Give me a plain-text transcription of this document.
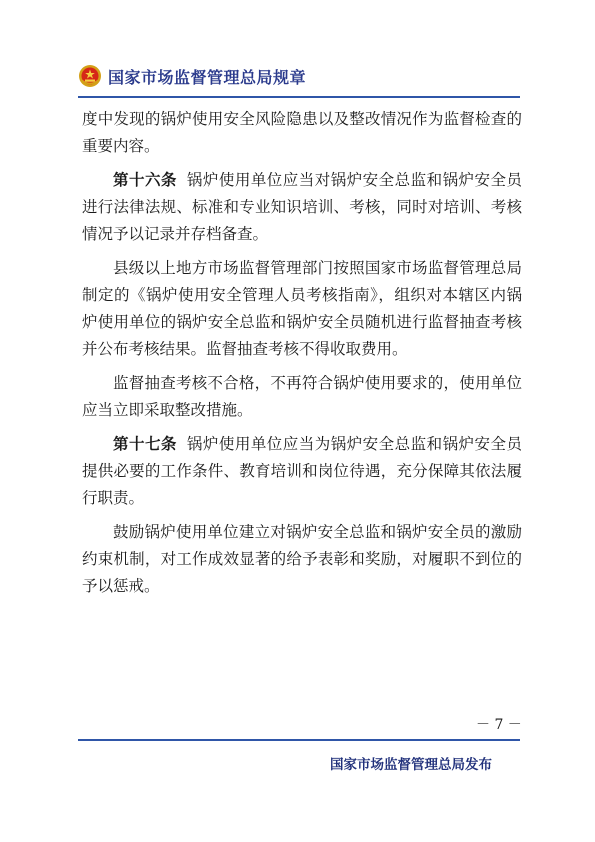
国家市场监督管理总局规章

度中发现的锅炉使用安全风险隐患以及整改情况作为监督检查的重要内容。

第十六条 锅炉使用单位应当对锅炉安全总监和锅炉安全员进行法律法规、标准和专业知识培训、考核，同时对培训、考核情况予以记录并存档备查。

县级以上地方市场监督管理部门按照国家市场监督管理总局制定的《锅炉使用安全管理人员考核指南》，组织对本辖区内锅炉使用单位的锅炉安全总监和锅炉安全员随机进行监督抽查考核并公布考核结果。监督抽查考核不得收取费用。

监督抽查考核不合格，不再符合锅炉使用要求的，使用单位应当立即采取整改措施。

第十七条 锅炉使用单位应当为锅炉安全总监和锅炉安全员提供必要的工作条件、教育培训和岗位待遇，充分保障其依法履行职责。

鼓励锅炉使用单位建立对锅炉安全总监和锅炉安全员的激励约束机制，对工作成效显著的给予表彰和奖励，对履职不到位的予以惩戒。

－ 7 －
国家市场监督管理总局发布
